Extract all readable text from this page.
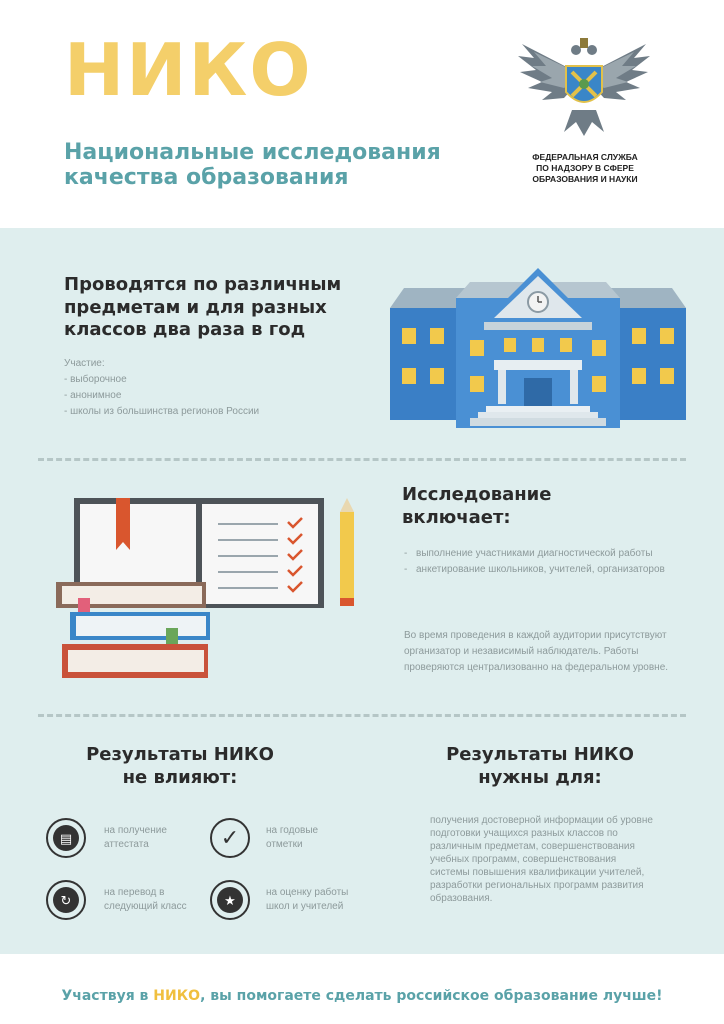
НИКО
Национальные исследования качества образования
ФЕДЕРАЛЬНАЯ СЛУЖБА
ПО НАДЗОРУ В СФЕРЕ
ОБРАЗОВАНИЯ И НАУКИ
Проводятся по различным
предметам и для разных
классов два раза в год
Участие:
- выборочное
- анонимное
- школы из большинства регионов России
Исследование
включает:
- выполнение участниками диагностической работы
- анкетирование школьников, учителей, организаторов
Во время проведения в каждой аудитории присутствуют организатор и независимый наблюдатель. Работы проверяются централизованно на федеральном уровне.
Результаты НИКО
не влияют:
Результаты НИКО
нужны для:
▤	на получение
аттестата	✓	на годовые
отметки
↻	на перевод в
следующий класс	★	на оценку работы
школ и учителей
получения достоверной информации об уровне подготовки учащихся разных классов по различным предметам, совершенствования учебных программ, совершенствования системы повышения квалификации учителей, разработки региональных программ развития образования.
Участвуя в НИКО, вы помогаете сделать российское образование лучше!
